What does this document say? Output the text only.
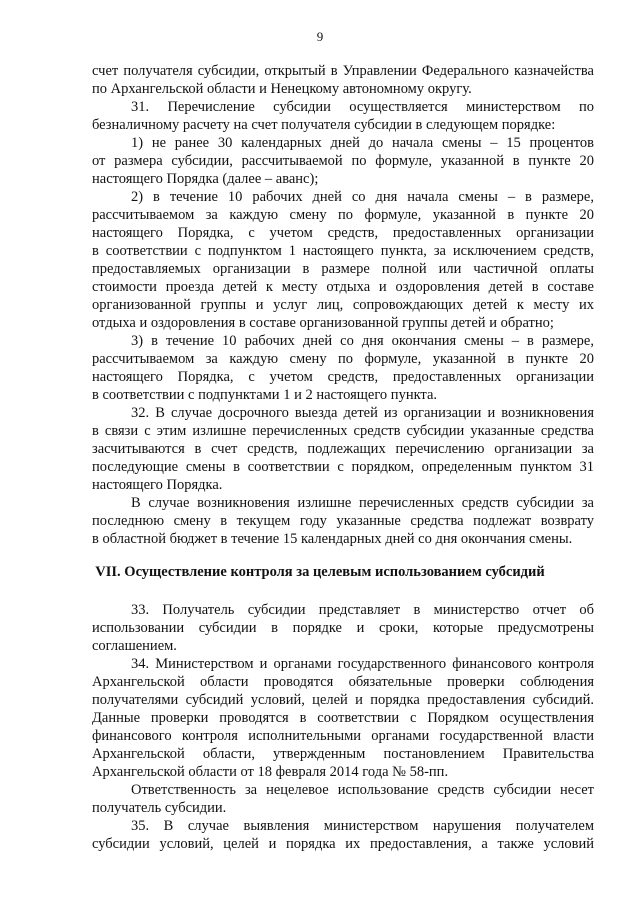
9
счет получателя субсидии, открытый в Управлении Федерального казначейства
по Архангельской области и Ненецкому автономному округу.
31. Перечисление субсидии осуществляется министерством по
безналичному расчету на счет получателя субсидии в следующем порядке:
1) не ранее 30 календарных дней до начала смены – 15 процентов
от размера субсидии, рассчитываемой по формуле, указанной в пункте 20
настоящего Порядка (далее – аванс);
2) в течение 10 рабочих дней со дня начала смены – в размере,
рассчитываемом за каждую смену по формуле, указанной в пункте 20
настоящего Порядка, с учетом средств, предоставленных организации
в соответствии с подпунктом 1 настоящего пункта, за исключением средств,
предоставляемых организации в размере полной или частичной оплаты
стоимости проезда детей к месту отдыха и оздоровления детей в составе
организованной группы и услуг лиц, сопровождающих детей к месту их
отдыха и оздоровления в составе организованной группы детей и обратно;
3) в течение 10 рабочих дней со дня окончания смены – в размере,
рассчитываемом за каждую смену по формуле, указанной в пункте 20
настоящего Порядка, с учетом средств, предоставленных организации
в соответствии с подпунктами 1 и 2 настоящего пункта.
32. В случае досрочного выезда детей из организации и возникновения
в связи с этим излишне перечисленных средств субсидии указанные средства
засчитываются в счет средств, подлежащих перечислению организации за
последующие смены в соответствии с порядком, определенным пунктом 31
настоящего Порядка.
В случае возникновения излишне перечисленных средств субсидии за
последнюю смену в текущем году указанные средства подлежат возврату
в областной бюджет в течение 15 календарных дней со дня окончания смены.
VII. Осуществление контроля за целевым использованием субсидий
33. Получатель субсидии представляет в министерство отчет об
использовании субсидии в порядке и сроки, которые предусмотрены
соглашением.
34. Министерством и органами государственного финансового контроля
Архангельской области проводятся обязательные проверки соблюдения
получателями субсидий условий, целей и порядка предоставления субсидий.
Данные проверки проводятся в соответствии с Порядком осуществления
финансового контроля исполнительными органами государственной власти
Архангельской области, утвержденным постановлением Правительства
Архангельской области от 18 февраля 2014 года № 58-пп.
Ответственность за нецелевое использование средств субсидии несет
получатель субсидии.
35. В случае выявления министерством нарушения получателем
субсидии условий, целей и порядка их предоставления, а также условий
